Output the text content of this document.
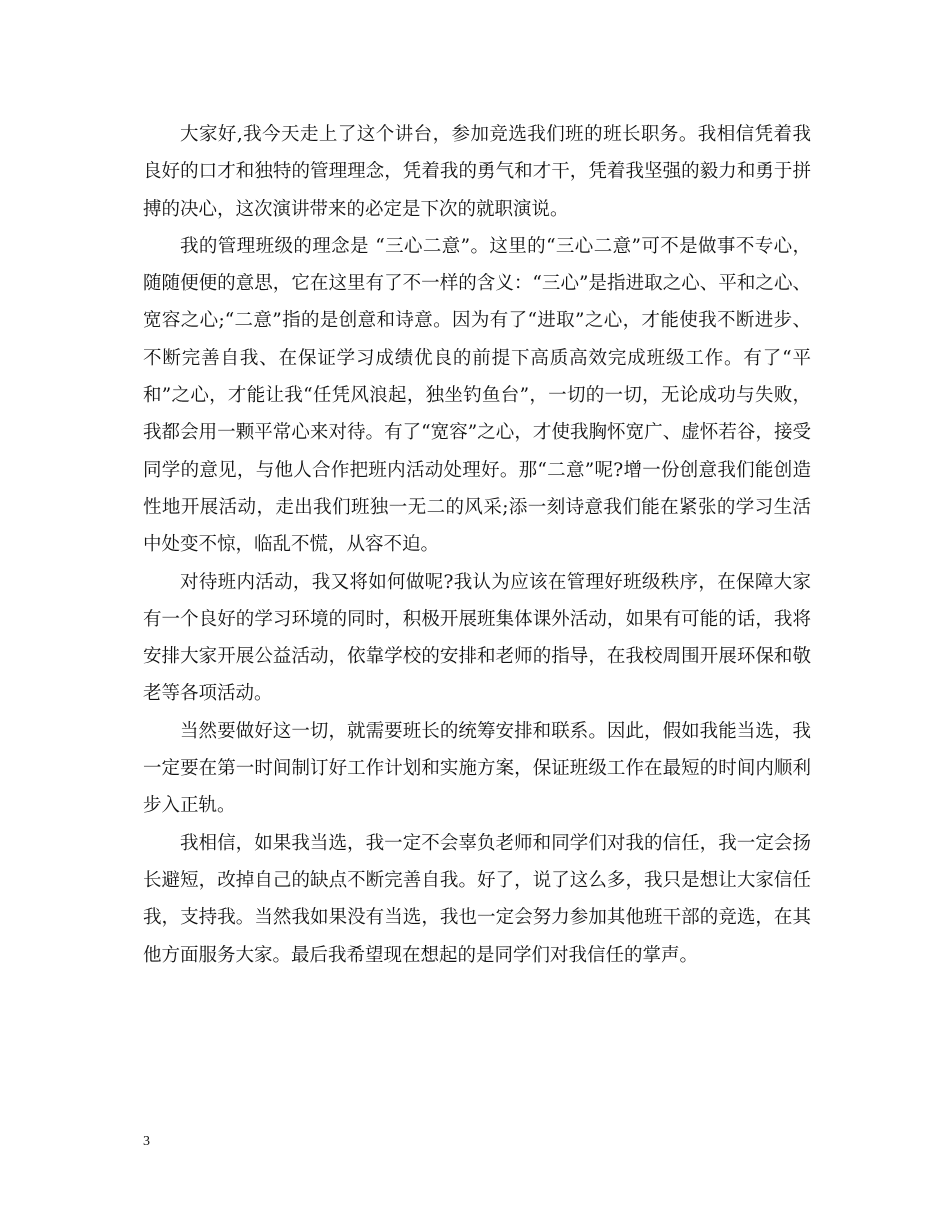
大家好,我今天走上了这个讲台，参加竞选我们班的班长职务。我相信凭着我良好的口才和独特的管理理念，凭着我的勇气和才干，凭着我坚强的毅力和勇于拼搏的决心，这次演讲带来的必定是下次的就职演说。

我的管理班级的理念是 “三心二意”。这里的“三心二意”可不是做事不专心，随随便便的意思，它在这里有了不一样的含义：“三心”是指进取之心、平和之心、宽容之心;“二意”指的是创意和诗意。因为有了“进取”之心，才能使我不断进步、不断完善自我、在保证学习成绩优良的前提下高质高效完成班级工作。有了“平和”之心，才能让我“任凭风浪起，独坐钓鱼台”，一切的一切，无论成功与失败，我都会用一颗平常心来对待。有了“宽容”之心，才使我胸怀宽广、虚怀若谷，接受同学的意见，与他人合作把班内活动处理好。那“二意”呢?增一份创意我们能创造性地开展活动，走出我们班独一无二的风采;添一刻诗意我们能在紧张的学习生活中处变不惊，临乱不慌，从容不迫。

对待班内活动，我又将如何做呢?我认为应该在管理好班级秩序，在保障大家有一个良好的学习环境的同时，积极开展班集体课外活动，如果有可能的话，我将安排大家开展公益活动，依靠学校的安排和老师的指导，在我校周围开展环保和敬老等各项活动。

当然要做好这一切，就需要班长的统筹安排和联系。因此，假如我能当选，我一定要在第一时间制订好工作计划和实施方案，保证班级工作在最短的时间内顺利步入正轨。

我相信，如果我当选，我一定不会辜负老师和同学们对我的信任，我一定会扬长避短，改掉自己的缺点不断完善自我。好了，说了这么多，我只是想让大家信任我，支持我。当然我如果没有当选，我也一定会努力参加其他班干部的竞选，在其他方面服务大家。最后我希望现在想起的是同学们对我信任的掌声。

3
